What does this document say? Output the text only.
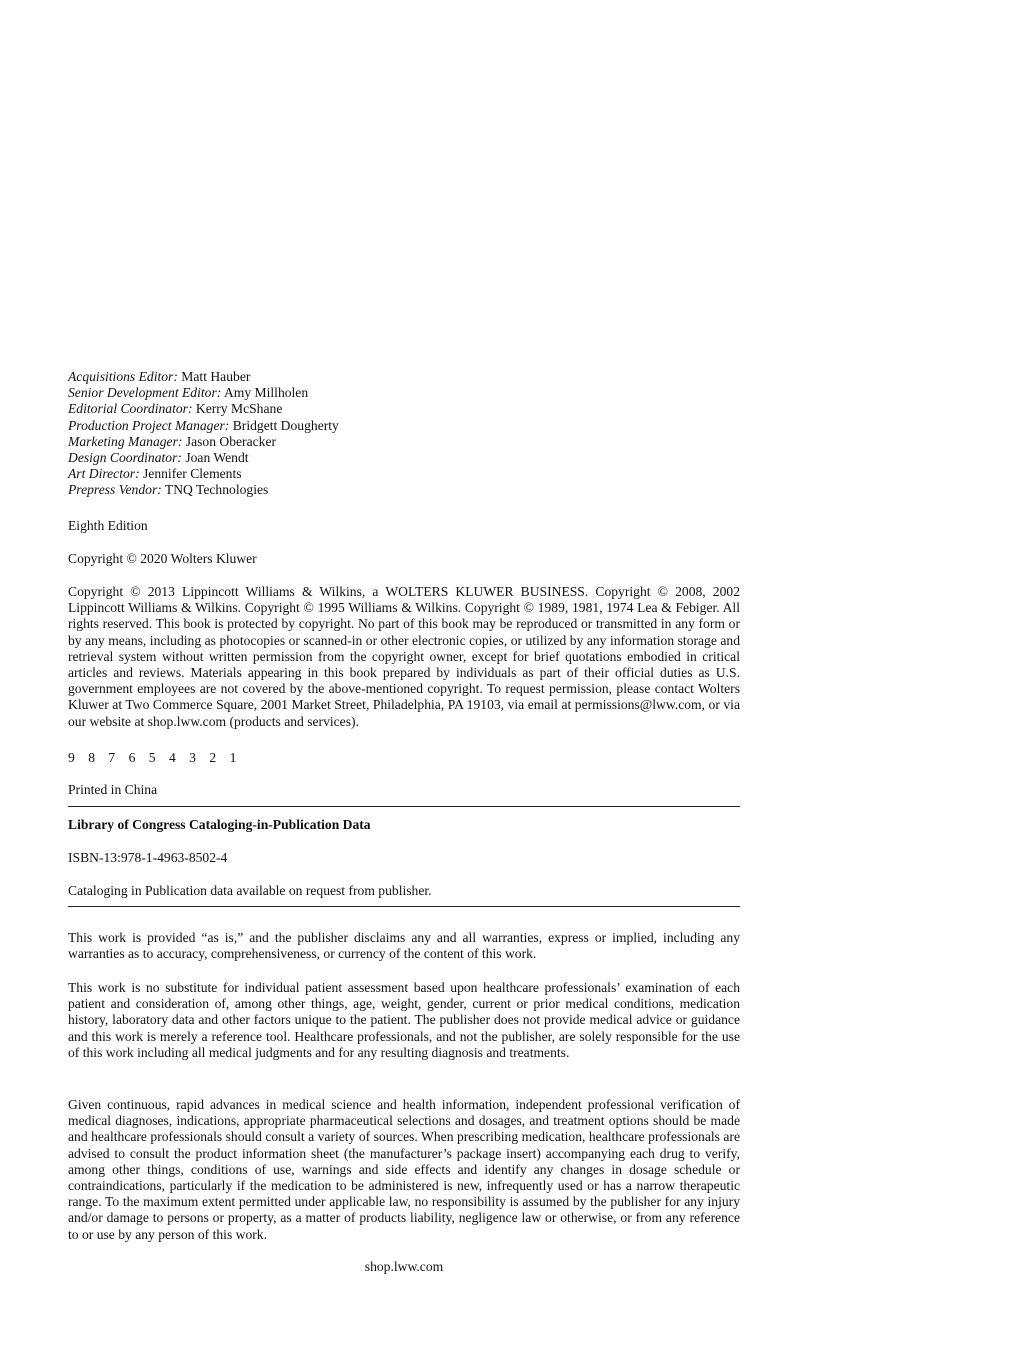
Acquisitions Editor: Matt Hauber
Senior Development Editor: Amy Millholen
Editorial Coordinator: Kerry McShane
Production Project Manager: Bridgett Dougherty
Marketing Manager: Jason Oberacker
Design Coordinator: Joan Wendt
Art Director: Jennifer Clements
Prepress Vendor: TNQ Technologies
Eighth Edition
Copyright © 2020 Wolters Kluwer
Copyright © 2013 Lippincott Williams & Wilkins, a WOLTERS KLUWER BUSINESS. Copyright © 2008, 2002 Lippincott Williams & Wilkins. Copyright © 1995 Williams & Wilkins. Copyright © 1989, 1981, 1974 Lea & Febiger. All rights reserved. This book is protected by copyright. No part of this book may be reproduced or transmitted in any form or by any means, including as photocopies or scanned-in or other electronic copies, or utilized by any information storage and retrieval system without written permission from the copyright owner, except for brief quotations embodied in critical articles and reviews. Materials appearing in this book prepared by individuals as part of their official duties as U.S. government employees are not covered by the above-mentioned copyright. To request permission, please contact Wolters Kluwer at Two Commerce Square, 2001 Market Street, Philadelphia, PA 19103, via email at permissions@lww.com, or via our website at shop.lww.com (products and services).
9 8 7 6 5 4 3 2 1
Printed in China
Library of Congress Cataloging-in-Publication Data
ISBN-13:978-1-4963-8502-4
Cataloging in Publication data available on request from publisher.
This work is provided “as is,” and the publisher disclaims any and all warranties, express or implied, including any warranties as to accuracy, comprehensiveness, or currency of the content of this work.
This work is no substitute for individual patient assessment based upon healthcare professionals’ examination of each patient and consideration of, among other things, age, weight, gender, current or prior medical conditions, medication history, laboratory data and other factors unique to the patient. The publisher does not provide medical advice or guidance and this work is merely a reference tool. Healthcare professionals, and not the publisher, are solely responsible for the use of this work including all medical judgments and for any resulting diagnosis and treatments.
Given continuous, rapid advances in medical science and health information, independent professional verification of medical diagnoses, indications, appropriate pharmaceutical selections and dosages, and treatment options should be made and healthcare professionals should consult a variety of sources. When prescribing medication, healthcare professionals are advised to consult the product information sheet (the manufacturer’s package insert) accompanying each drug to verify, among other things, conditions of use, warnings and side effects and identify any changes in dosage schedule or contraindications, particularly if the medication to be administered is new, infrequently used or has a narrow therapeutic range. To the maximum extent permitted under applicable law, no responsibility is assumed by the publisher for any injury and/or damage to persons or property, as a matter of products liability, negligence law or otherwise, or from any reference to or use by any person of this work.
shop.lww.com
